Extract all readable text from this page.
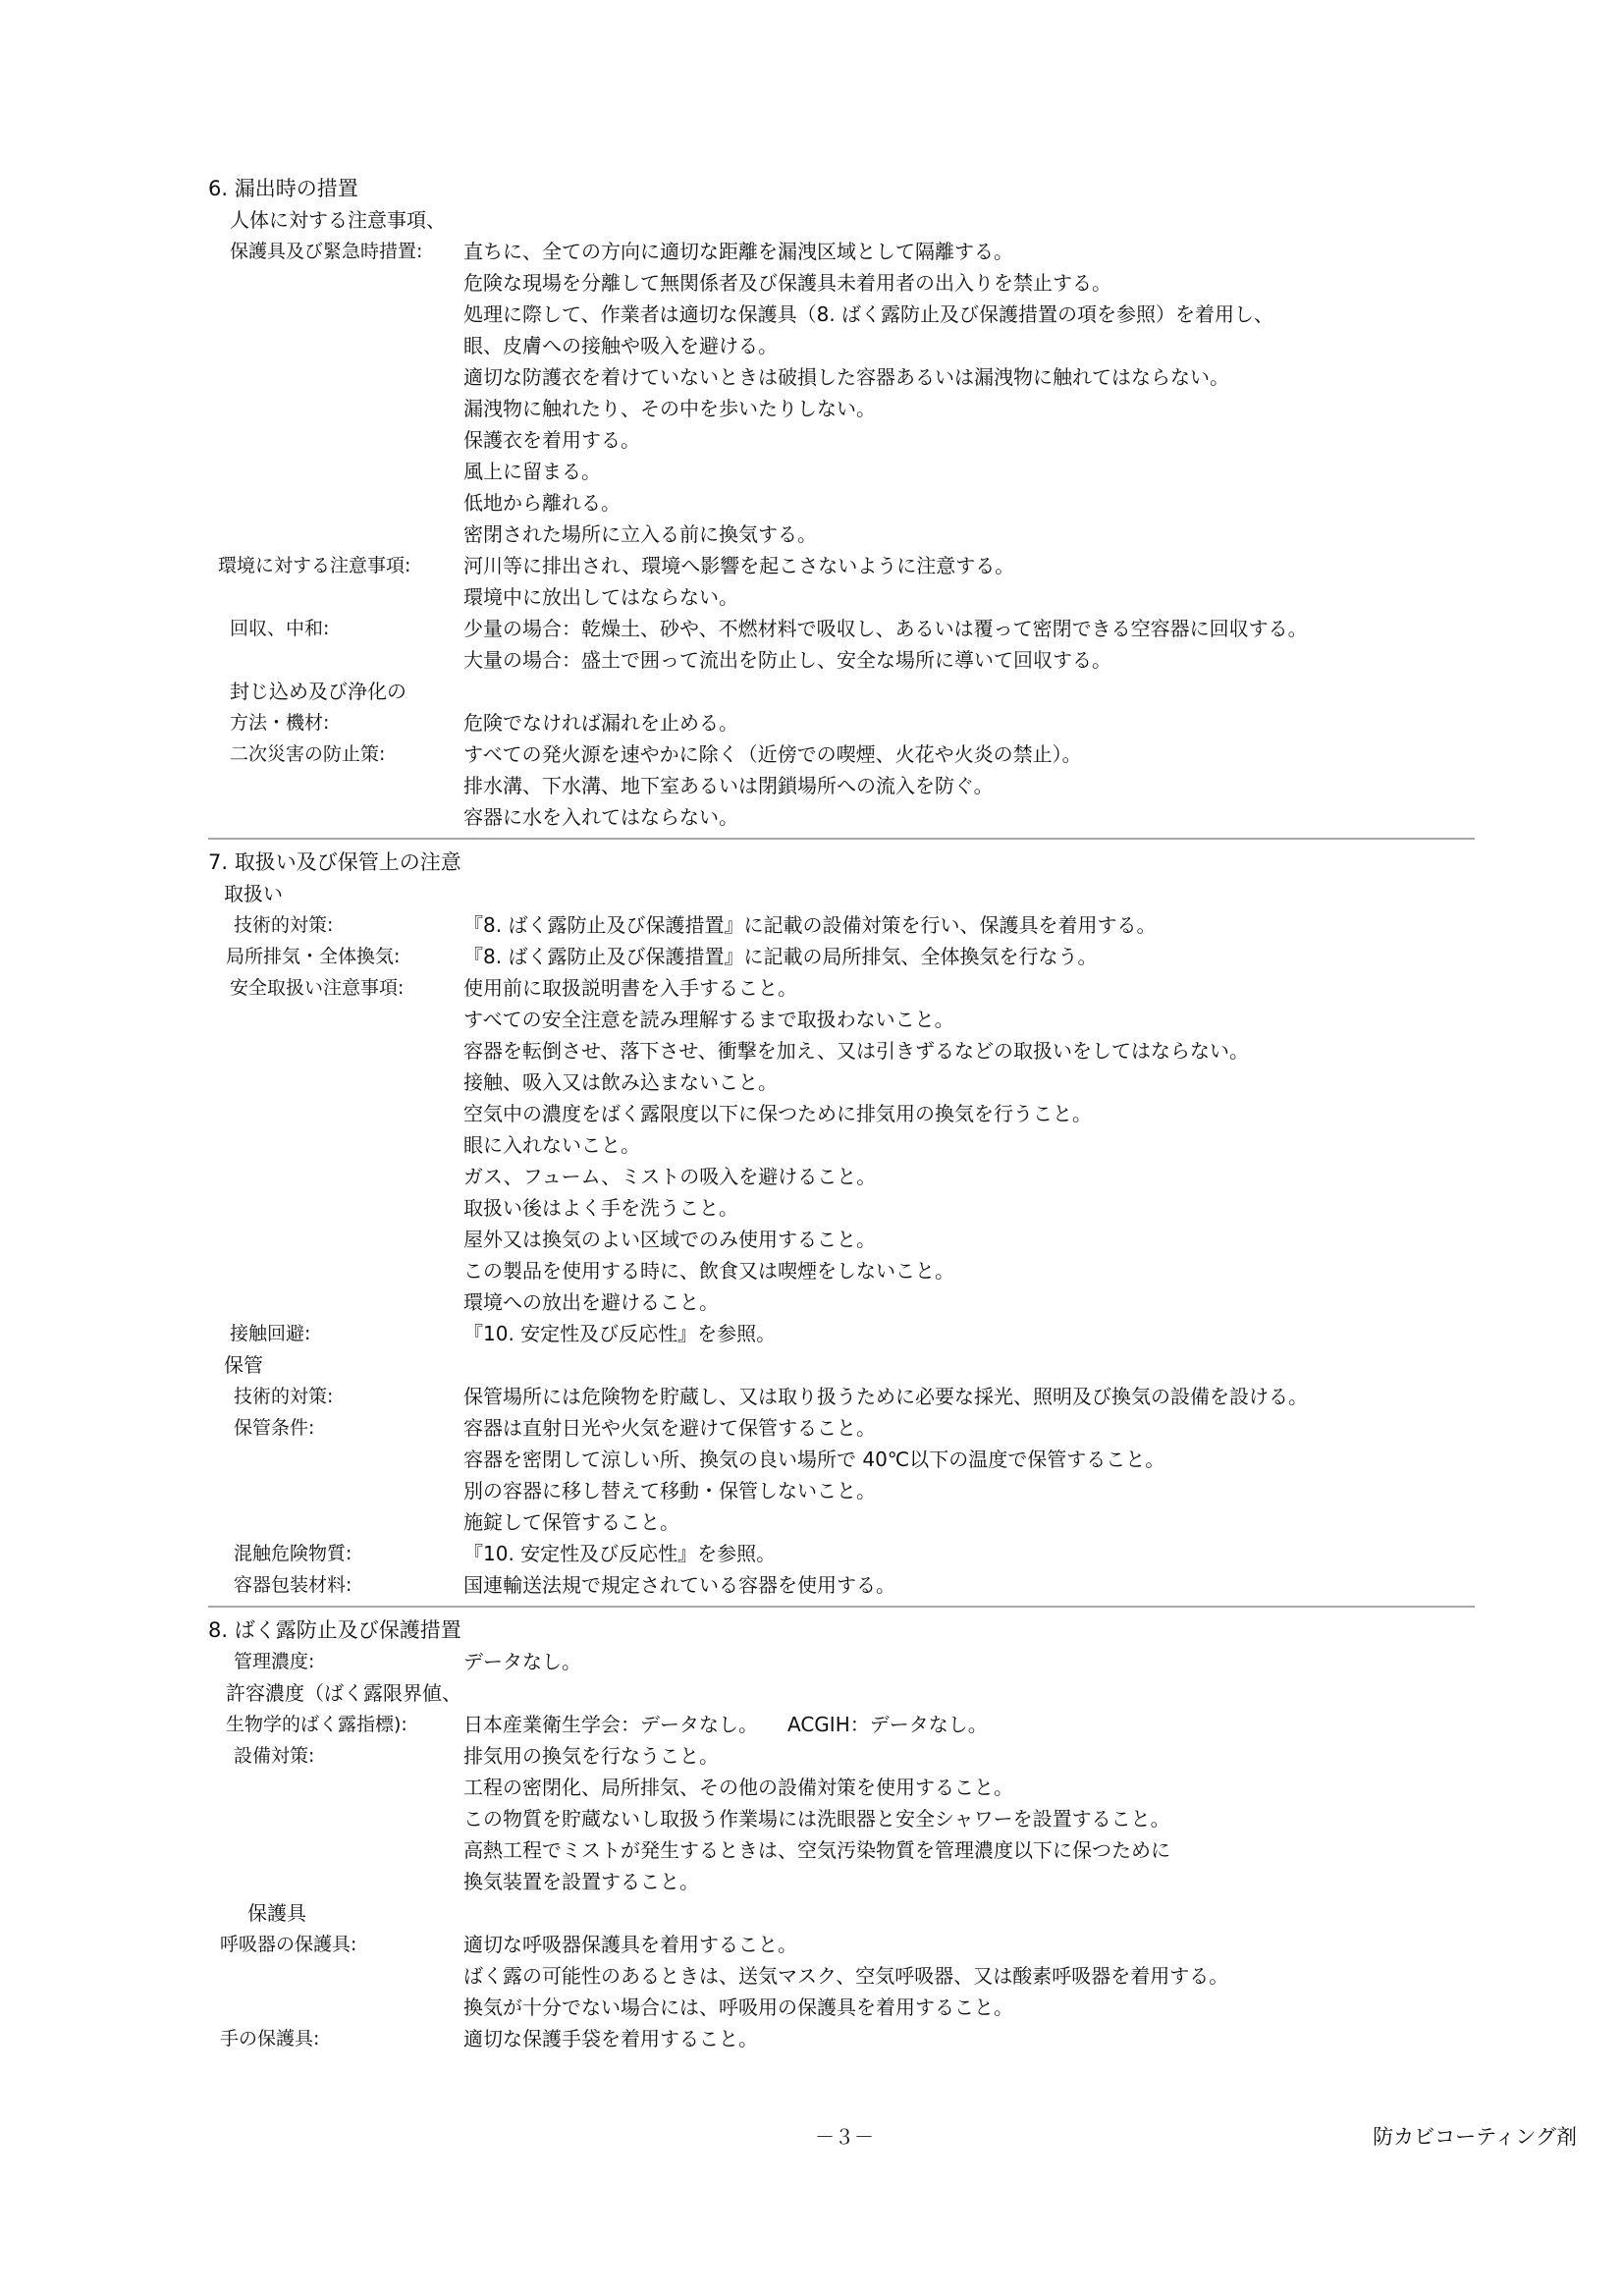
6. 漏出時の措置
人体に対する注意事項、
保護具及び緊急時措置:	直ちに、全ての方向に適切な距離を漏洩区域として隔離する。
危険な現場を分離して無関係者及び保護具未着用者の出入りを禁止する。
処理に際して、作業者は適切な保護具（8. ばく露防止及び保護措置の項を参照）を着用し、
眼、皮膚への接触や吸入を避ける。
適切な防護衣を着けていないときは破損した容器あるいは漏洩物に触れてはならない。
漏洩物に触れたり、その中を歩いたりしない。
保護衣を着用する。
風上に留まる。
低地から離れる。
密閉された場所に立入る前に換気する。
環境に対する注意事項:	河川等に排出され、環境へ影響を起こさないように注意する。
環境中に放出してはならない。
回収、中和:	少量の場合：乾燥土、砂や、不燃材料で吸収し、あるいは覆って密閉できる空容器に回収する。
大量の場合：盛土で囲って流出を防止し、安全な場所に導いて回収する。
封じ込め及び浄化の
方法・機材:	危険でなければ漏れを止める。
二次災害の防止策:	すべての発火源を速やかに除く（近傍での喫煙、火花や火炎の禁止）。
排水溝、下水溝、地下室あるいは閉鎖場所への流入を防ぐ。
容器に水を入れてはならない。
7. 取扱い及び保管上の注意
取扱い
技術的対策:	『8. ばく露防止及び保護措置』に記載の設備対策を行い、保護具を着用する。
局所排気・全体換気:	『8. ばく露防止及び保護措置』に記載の局所排気、全体換気を行なう。
安全取扱い注意事項:	使用前に取扱説明書を入手すること。
すべての安全注意を読み理解するまで取扱わないこと。
容器を転倒させ、落下させ、衝撃を加え、又は引きずるなどの取扱いをしてはならない。
接触、吸入又は飲み込まないこと。
空気中の濃度をばく露限度以下に保つために排気用の換気を行うこと。
眼に入れないこと。
ガス、フューム、ミストの吸入を避けること。
取扱い後はよく手を洗うこと。
屋外又は換気のよい区域でのみ使用すること。
この製品を使用する時に、飲食又は喫煙をしないこと。
環境への放出を避けること。
接触回避:	『10. 安定性及び反応性』を参照。
保管
技術的対策:	保管場所には危険物を貯蔵し、又は取り扱うために必要な採光、照明及び換気の設備を設ける。
保管条件:	容器は直射日光や火気を避けて保管すること。
容器を密閉して涼しい所、換気の良い場所で 40℃以下の温度で保管すること。
別の容器に移し替えて移動・保管しないこと。
施錠して保管すること。
混触危険物質:	『10. 安定性及び反応性』を参照。
容器包装材料:	国連輸送法規で規定されている容器を使用する。
8. ばく露防止及び保護措置
管理濃度:	データなし。
許容濃度（ばく露限界値、
生物学的ばく露指標):	日本産業衛生学会：データなし。　　ACGIH：データなし。
設備対策:	排気用の換気を行なうこと。
工程の密閉化、局所排気、その他の設備対策を使用すること。
この物質を貯蔵ないし取扱う作業場には洗眼器と安全シャワーを設置すること。
高熱工程でミストが発生するときは、空気汚染物質を管理濃度以下に保つために
換気装置を設置すること。
保護具
呼吸器の保護具:	適切な呼吸器保護具を着用すること。
ばく露の可能性のあるときは、送気マスク、空気呼吸器、又は酸素呼吸器を着用する。
換気が十分でない場合には、呼吸用の保護具を着用すること。
手の保護具:	適切な保護手袋を着用すること。
－３－	防カビコーティング剤
